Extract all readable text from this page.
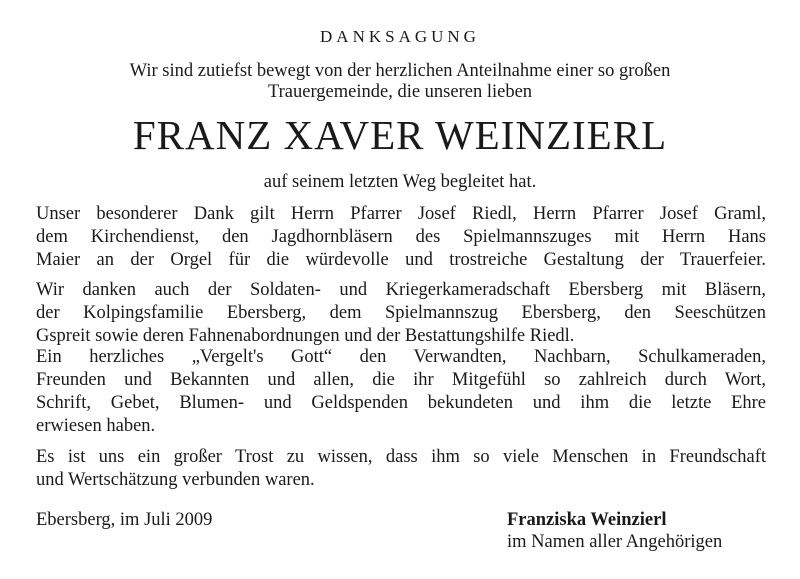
DANKSAGUNG
Wir sind zutiefst bewegt von der herzlichen Anteilnahme einer so großen
Trauergemeinde, die unseren lieben
FRANZ XAVER WEINZIERL
auf seinem letzten Weg begleitet hat.
Unser besonderer Dank gilt Herrn Pfarrer Josef Riedl, Herrn Pfarrer Josef Graml,
dem Kirchendienst, den Jagdhornbläsern des Spielmannszuges mit Herrn Hans
Maier an der Orgel für die würdevolle und trostreiche Gestaltung der Trauerfeier.
Wir danken auch der Soldaten- und Kriegerkameradschaft Ebersberg mit Bläsern,
der Kolpingsfamilie Ebersberg, dem Spielmannszug Ebersberg, den Seeschützen
Gspreit sowie deren Fahnenabordnungen und der Bestattungshilfe Riedl.
Ein herzliches „Vergelt's Gott“ den Verwandten, Nachbarn, Schulkameraden,
Freunden und Bekannten und allen, die ihr Mitgefühl so zahlreich durch Wort,
Schrift, Gebet, Blumen- und Geldspenden bekundeten und ihm die letzte Ehre
erwiesen haben.
Es ist uns ein großer Trost zu wissen, dass ihm so viele Menschen in Freundschaft
und Wertschätzung verbunden waren.
Ebersberg, im Juli 2009	Franziska Weinzierl
im Namen aller Angehörigen
